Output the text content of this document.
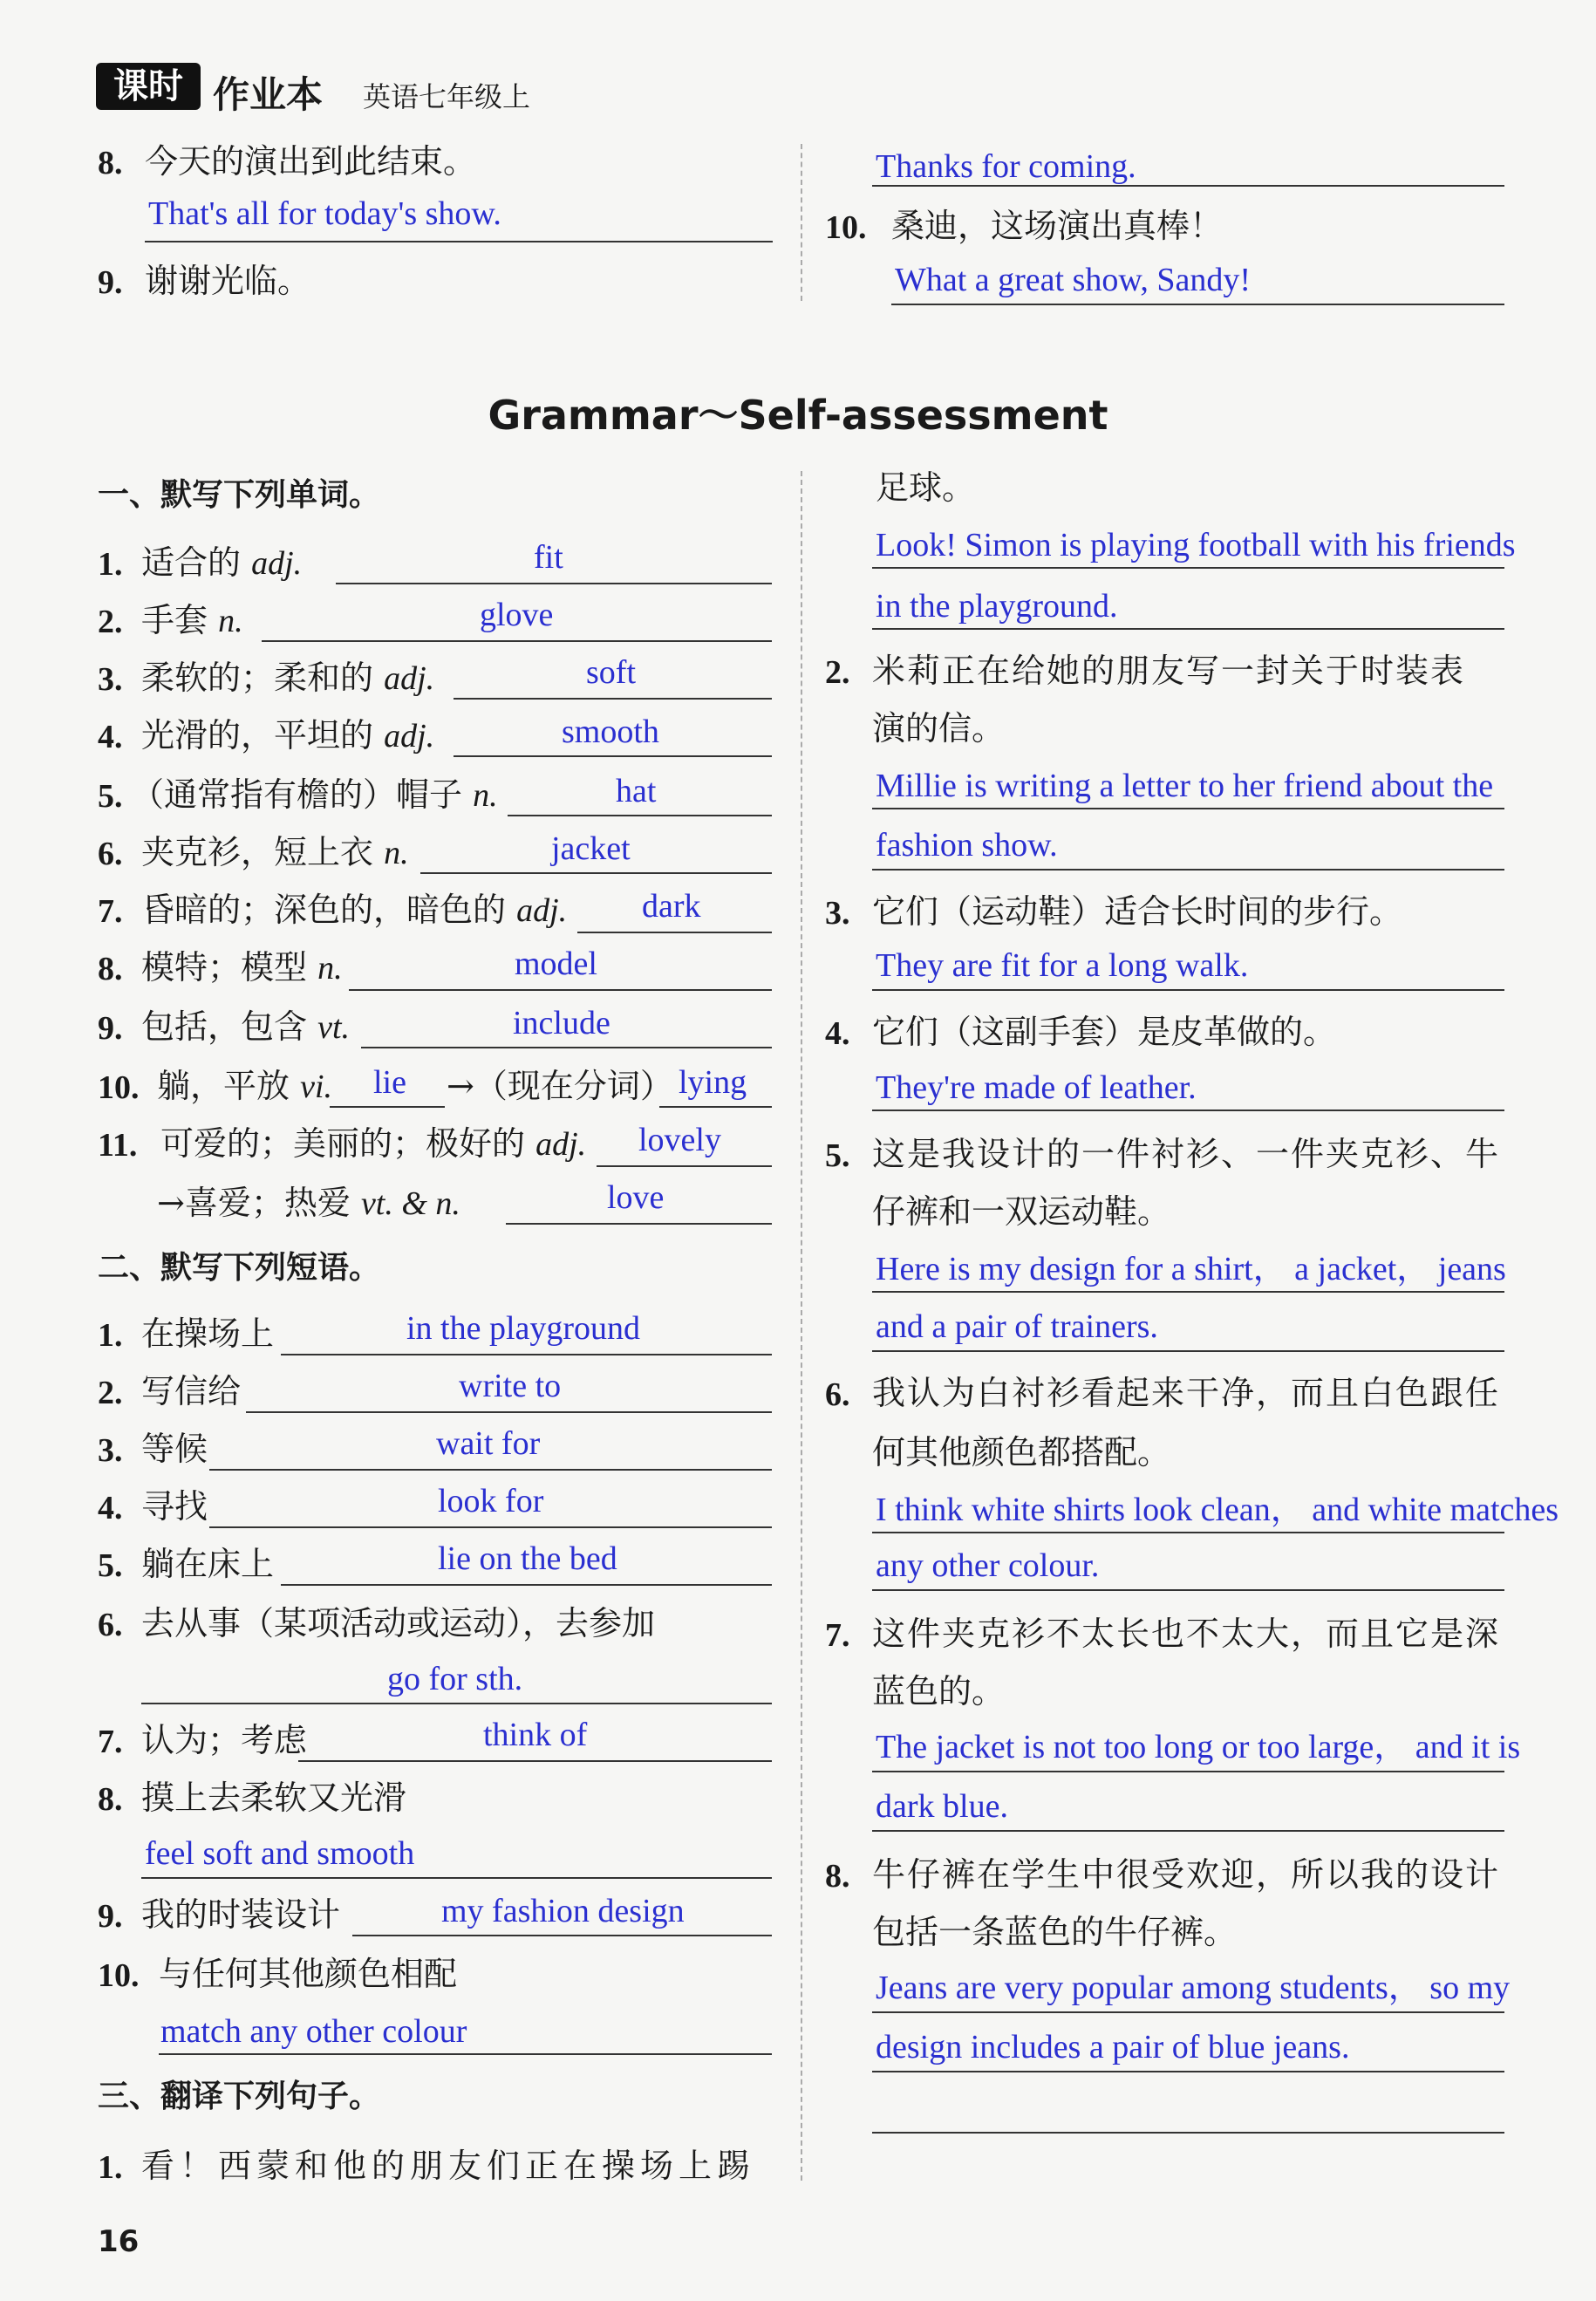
课时 作业本 英语七年级上
8. 今天的演出到此结束。
That's all for today's show.
9. 谢谢光临。
Thanks for coming.
10. 桑迪，这场演出真棒！
What a great show, Sandy!
Grammar～Self-assessment
一、默写下列单词。
1. 适合的 adj.	fit
2. 手套 n.	glove
3. 柔软的；柔和的 adj.	soft
4. 光滑的，平坦的 adj.	smooth
5. （通常指有檐的）帽子 n.	hat
6. 夹克衫，短上衣 n.	jacket
7. 昏暗的；深色的，暗色的 adj. dark
8. 模特；模型 n.	model
9. 包括，包含 vt.	include
10. 躺，平放 vi. lie →（现在分词） lying
11. 可爱的；美丽的；极好的 adj. lovely
→喜爱；热爱 vt. & n.	love
二、默写下列短语。
1. 在操场上	in the playground
2. 写信给	write to
3. 等候	wait for
4. 寻找	look for
5. 躺在床上	lie on the bed
6. 去从事（某项活动或运动），去参加
go for sth.
7. 认为；考虑	think of
8. 摸上去柔软又光滑
feel soft and smooth
9. 我的时装设计	my fashion design
10. 与任何其他颜色相配
match any other colour
三、翻译下列句子。
1. 看！西蒙和他的朋友们正在操场上踢
足球。
Look! Simon is playing football with his friends
in the playground.
2. 米莉正在给她的朋友写一封关于时装表
演的信。
Millie is writing a letter to her friend about the
fashion show.
3. 它们（运动鞋）适合长时间的步行。
They are fit for a long walk.
4. 它们（这副手套）是皮革做的。
They're made of leather.
5. 这是我设计的一件衬衫、一件夹克衫、牛
仔裤和一双运动鞋。
Here is my design for a shirt， a jacket， jeans
and a pair of trainers.
6. 我认为白衬衫看起来干净，而且白色跟任
何其他颜色都搭配。
I think white shirts look clean， and white matches
any other colour.
7. 这件夹克衫不太长也不太大，而且它是深
蓝色的。
The jacket is not too long or too large， and it is
dark blue.
8. 牛仔裤在学生中很受欢迎，所以我的设计
包括一条蓝色的牛仔裤。
Jeans are very popular among students， so my
design includes a pair of blue jeans.
16
